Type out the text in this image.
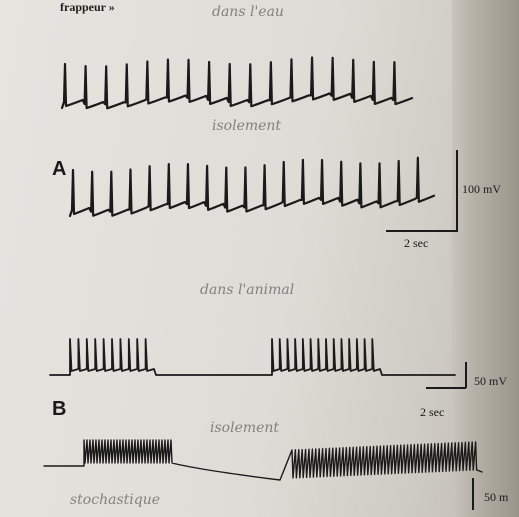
frappeur »	dans l'eau
isolement
dans l'animal
isolement
stochastique
A
B
100 mV
2 sec
50 mV
2 sec
50 m
